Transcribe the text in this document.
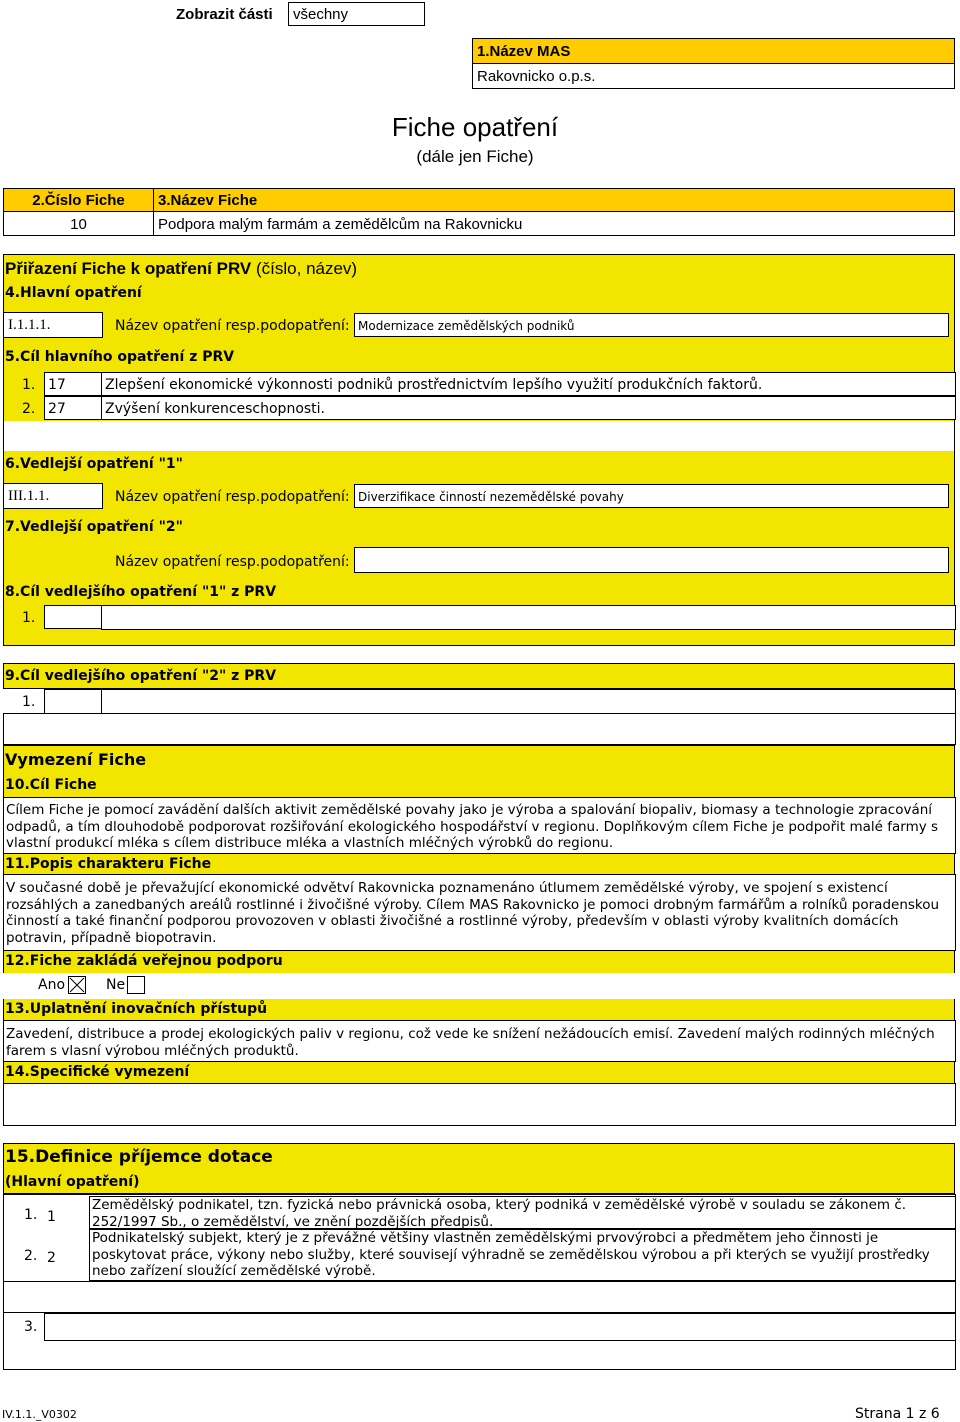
Zobrazit části	všechny
1.Název MAS
Rakovnicko o.p.s.
Fiche opatření
(dále jen Fiche)
2.Číslo Fiche	3.Název Fiche
10	Podpora malým farmám a zemědělcům na Rakovnicku
Přiřazení Fiche k opatření PRV (číslo, název)
4.Hlavní opatření
I.1.1.1.	Název opatření resp.podopatření: Modernizace zemědělských podniků
5.Cíl hlavního opatření z PRV
1. 17	Zlepšení ekonomické výkonnosti podniků prostřednictvím lepšího využití produkčních faktorů.
2. 27	Zvýšení konkurenceschopnosti.
6.Vedlejší opatření "1"
III.1.1.	Název opatření resp.podopatření: Diverzifikace činností nezemědělské povahy
7.Vedlejší opatření "2"
Název opatření resp.podopatření:
8.Cíl vedlejšího opatření "1" z PRV
1.
9.Cíl vedlejšího opatření "2" z PRV
1.
Vymezení Fiche
10.Cíl Fiche
Cílem Fiche je pomocí zavádění dalších aktivit zemědělské povahy jako je výroba a spalování biopaliv, biomasy a technologie zpracování odpadů, a tím dlouhodobě podporovat rozšiřování ekologického hospodářství v regionu. Doplňkovým cílem Fiche je podpořit malé farmy s vlastní produkcí mléka s cílem distribuce mléka a vlastních mléčných výrobků do regionu.
11.Popis charakteru Fiche
V současné době je převažující ekonomické odvětví Rakovnicka poznamenáno útlumem zemědělské výroby, ve spojení s existencí rozsáhlých a zanedbaných areálů rostlinné i živočišné výroby. Cílem MAS Rakovnicko je pomoci drobným farmářům a rolníků poradenskou činností a také finanční podporou provozoven v oblasti živočišné a rostlinné výroby, především v oblasti výroby kvalitních domácích potravin, případně biopotravin.
12.Fiche zakládá veřejnou podporu
Ano	Ne
13.Uplatnění inovačních přístupů
Zavedení, distribuce a prodej ekologických paliv v regionu, což vede ke snížení nežádoucích emisí. Zavedení malých rodinných mléčných farem s vlasní výrobou mléčných produktů.
14.Specifické vymezení
15.Definice příjemce dotace
(Hlavní opatření)
1. 1
Zemědělský podnikatel, tzn. fyzická nebo právnická osoba, který podniká v zemědělské výrobě v souladu se zákonem č. 252/1997 Sb., o zemědělství, ve znění pozdějších předpisů.
2. 2
Podnikatelský subjekt, který je z převážné většiny vlastněn zemědělskými prvovýrobci a předmětem jeho činnosti je poskytovat práce, výkony nebo služby, které souvisejí výhradně se zemědělskou výrobou a při kterých se využijí prostředky nebo zařízení sloužící zemědělské výrobě.
3.
IV.1.1._V0302	Strana 1 z 6
